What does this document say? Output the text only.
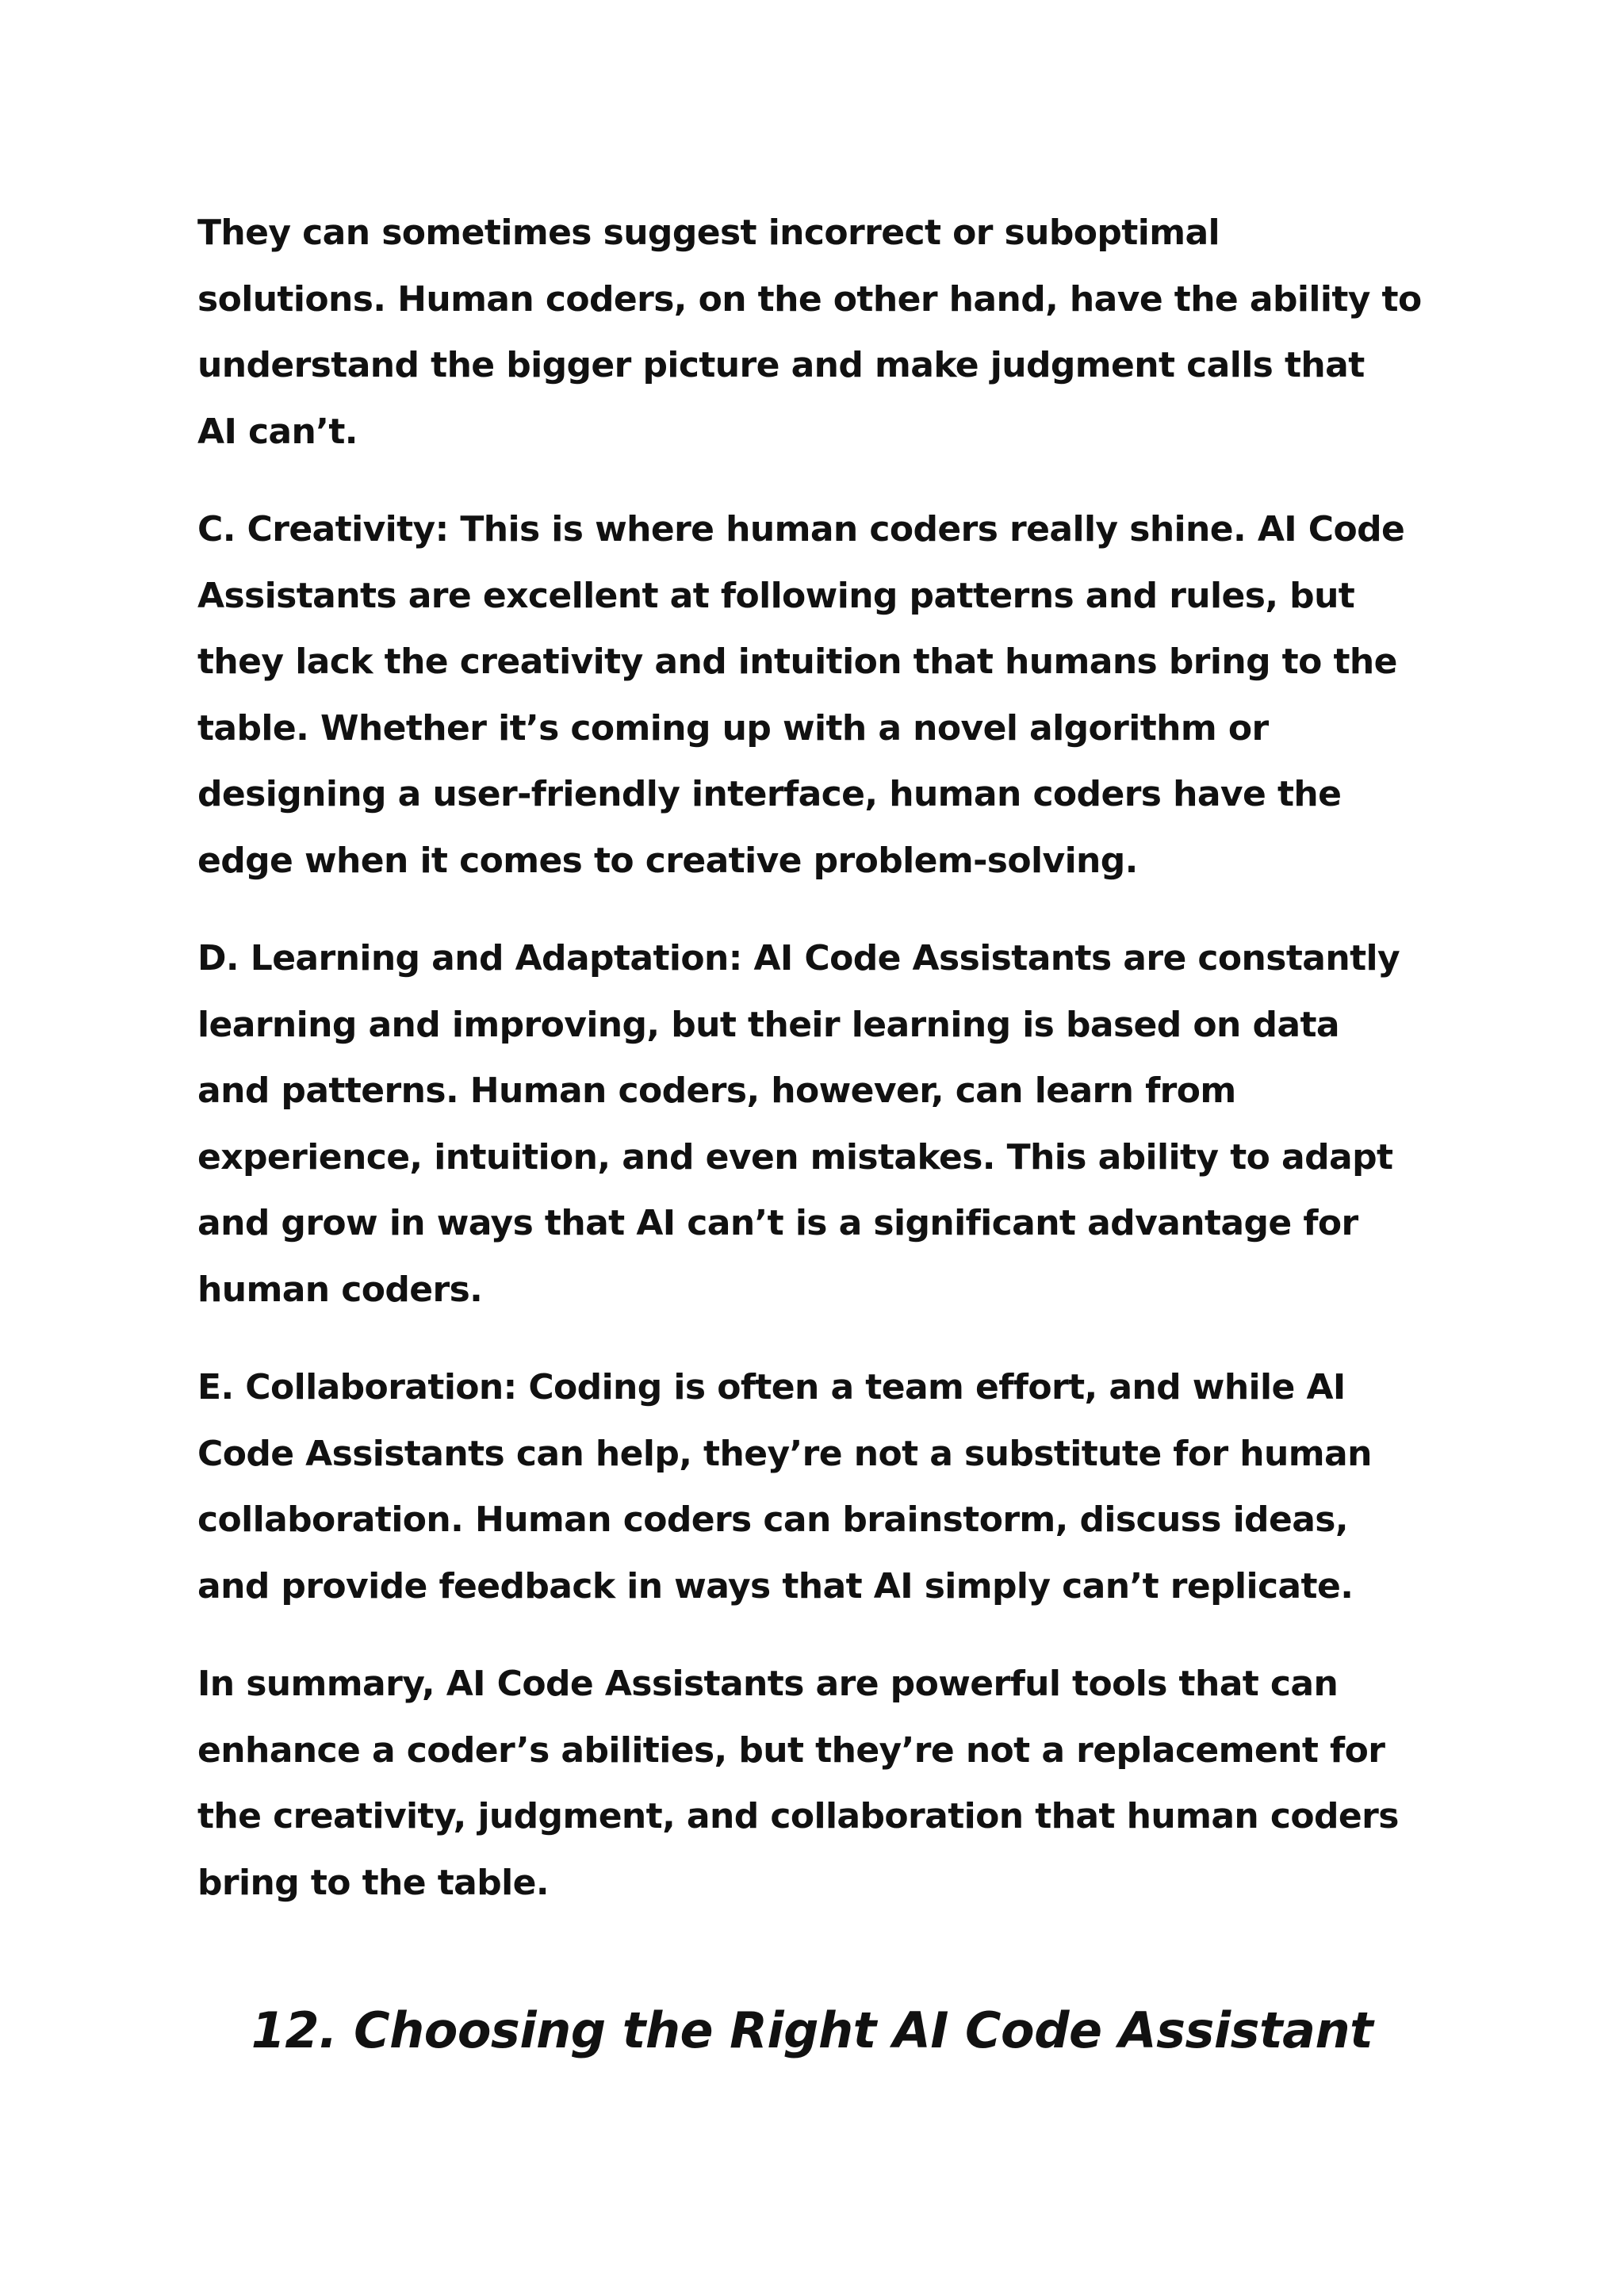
They can sometimes suggest incorrect or suboptimal
solutions. Human coders, on the other hand, have the ability to
understand the bigger picture and make judgment calls that
AI can’t.

C. Creativity: This is where human coders really shine. AI Code
Assistants are excellent at following patterns and rules, but
they lack the creativity and intuition that humans bring to the
table. Whether it’s coming up with a novel algorithm or
designing a user-friendly interface, human coders have the
edge when it comes to creative problem-solving.

D. Learning and Adaptation: AI Code Assistants are constantly
learning and improving, but their learning is based on data
and patterns. Human coders, however, can learn from
experience, intuition, and even mistakes. This ability to adapt
and grow in ways that AI can’t is a significant advantage for
human coders.

E. Collaboration: Coding is often a team effort, and while AI
Code Assistants can help, they’re not a substitute for human
collaboration. Human coders can brainstorm, discuss ideas,
and provide feedback in ways that AI simply can’t replicate.

In summary, AI Code Assistants are powerful tools that can
enhance a coder’s abilities, but they’re not a replacement for
the creativity, judgment, and collaboration that human coders
bring to the table.

12. Choosing the Right AI Code Assistant
